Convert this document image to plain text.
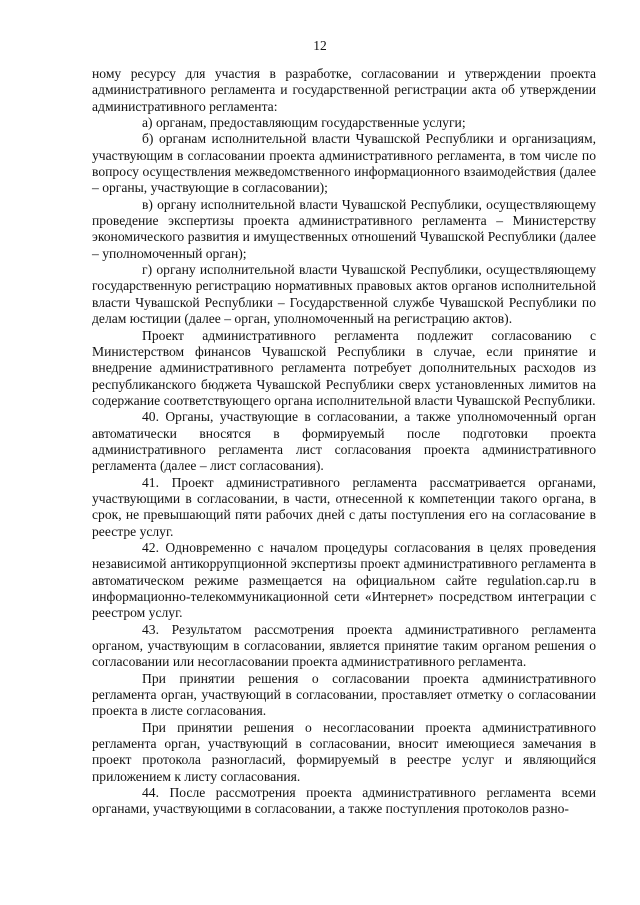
12

ному ресурсу для участия в разработке, согласовании и утверждении проекта административного регламента и государственной регистрации акта об утверждении административного регламента:

а) органам, предоставляющим государственные услуги;

б) органам исполнительной власти Чувашской Республики и организациям, участвующим в согласовании проекта административного регламента, в том числе по вопросу осуществления межведомственного информационного взаимодействия (далее – органы, участвующие в согласовании);

в) органу исполнительной власти Чувашской Республики, осуществляющему проведение экспертизы проекта административного регламента – Министерству экономического развития и имущественных отношений Чувашской Республики (далее – уполномоченный орган);

г) органу исполнительной власти Чувашской Республики, осуществляющему государственную регистрацию нормативных правовых актов органов исполнительной власти Чувашской Республики – Государственной службе Чувашской Республики по делам юстиции (далее – орган, уполномоченный на регистрацию актов).

Проект административного регламента подлежит согласованию с Министерством финансов Чувашской Республики в случае, если принятие и внедрение административного регламента потребует дополнительных расходов из республиканского бюджета Чувашской Республики сверх установленных лимитов на содержание соответствующего органа исполнительной власти Чувашской Республики.

40. Органы, участвующие в согласовании, а также уполномоченный орган автоматически вносятся в формируемый после подготовки проекта административного регламента лист согласования проекта административного регламента (далее – лист согласования).

41. Проект административного регламента рассматривается органами, участвующими в согласовании, в части, отнесенной к компетенции такого органа, в срок, не превышающий пяти рабочих дней с даты поступления его на согласование в реестре услуг.

42. Одновременно с началом процедуры согласования в целях проведения независимой антикоррупционной экспертизы проект административного регламента в автоматическом режиме размещается на официальном сайте regulation.cap.ru в информационно-телекоммуникационной сети «Интернет» посредством интеграции с реестром услуг.

43. Результатом рассмотрения проекта административного регламента органом, участвующим в согласовании, является принятие таким органом решения о согласовании или несогласовании проекта административного регламента.

При принятии решения о согласовании проекта административного регламента орган, участвующий в согласовании, проставляет отметку о согласовании проекта в листе согласования.

При принятии решения о несогласовании проекта административного регламента орган, участвующий в согласовании, вносит имеющиеся замечания в проект протокола разногласий, формируемый в реестре услуг и являющийся приложением к листу согласования.

44. После рассмотрения проекта административного регламента всеми органами, участвующими в согласовании, а также поступления протоколов разно-
